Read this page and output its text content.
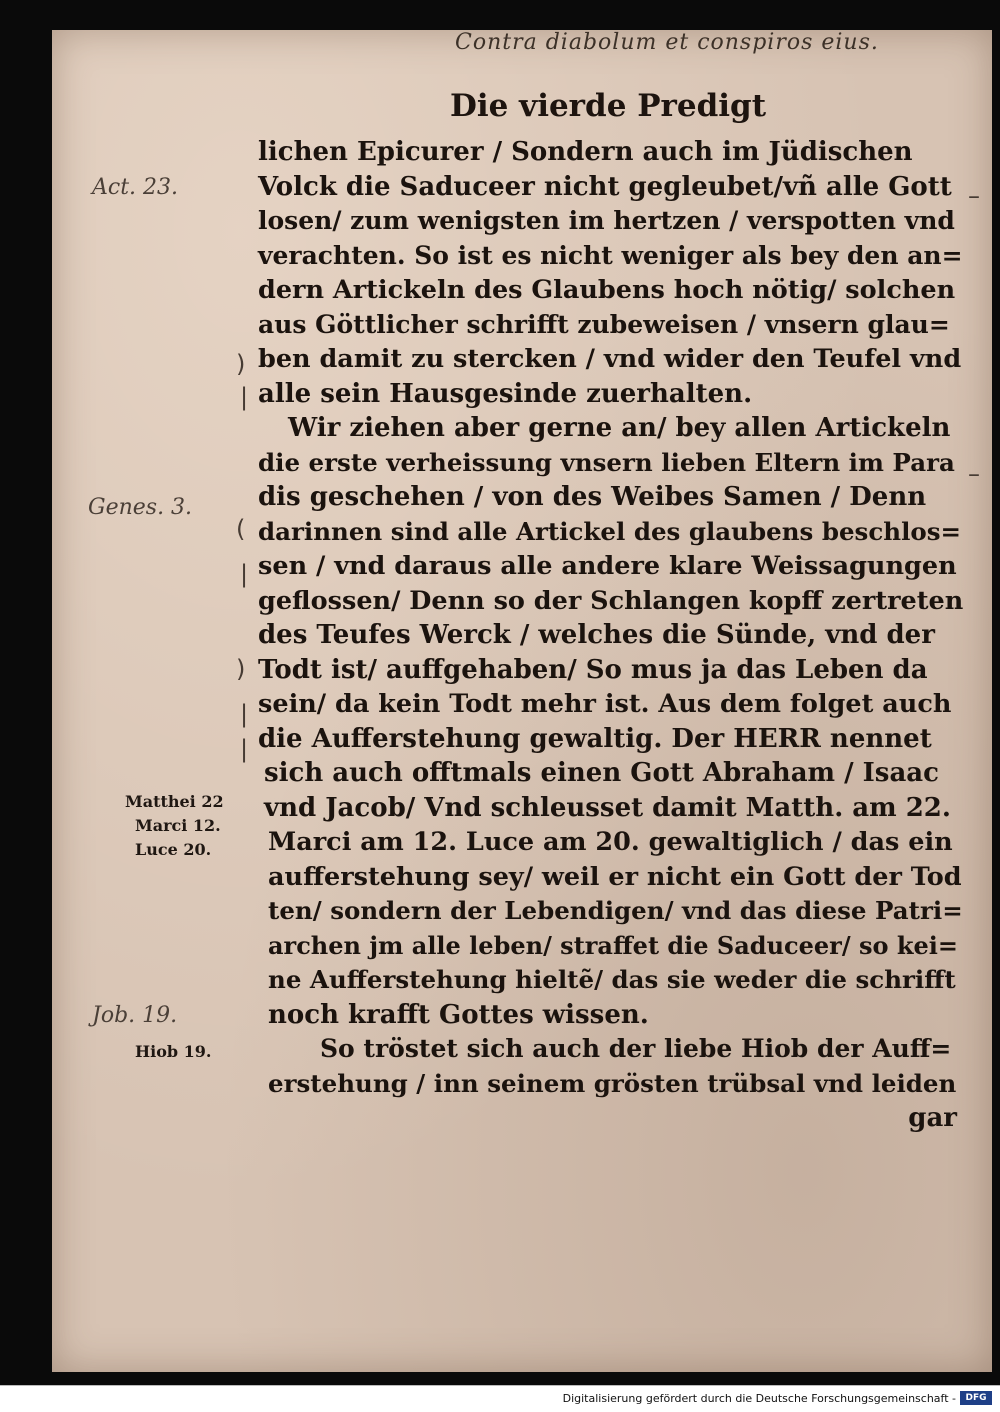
Contra diabolum et conspiros eius.
Die vierde Predigt
Act. 23.
Genes. 3.
Job. 19.
Matthei 22
Marci 12.
Luce 20.
Hiob 19.
)
|
(
|
)
|
|
–
–
lichen Epicurer / Sondern auch im Jüdischen
Volck die Saduceer nicht gegleubet/vñ alle Gott
losen/ zum wenigsten im hertzen / verspotten vnd
verachten. So ist es nicht weniger als bey den an=
dern Artickeln des Glaubens hoch nötig/ solchen
aus Göttlicher schrifft zubeweisen / vnsern glau=
ben damit zu stercken / vnd wider den Teufel vnd
alle sein Hausgesinde zuerhalten.
Wir ziehen aber gerne an/ bey allen Artickeln
die erste verheissung vnsern lieben Eltern im Para
dis geschehen / von des Weibes Samen / Denn
darinnen sind alle Artickel des glaubens beschlos=
sen / vnd daraus alle andere klare Weissagungen
geflossen/ Denn so der Schlangen kopff zertreten
des Teufes Werck / welches die Sünde, vnd der
Todt ist/ auffgehaben/ So mus ja das Leben da
sein/ da kein Todt mehr ist. Aus dem folget auch
die Aufferstehung gewaltig. Der HERR nennet
sich auch offtmals einen Gott Abraham / Isaac
vnd Jacob/ Vnd schleusset damit Matth. am 22.
Marci am 12. Luce am 20. gewaltiglich / das ein
aufferstehung sey/ weil er nicht ein Gott der Tod
ten/ sondern der Lebendigen/ vnd das diese Patri=
archen jm alle leben/ straffet die Saduceer/ so kei=
ne Aufferstehung hieltẽ/ das sie weder die schrifft
noch krafft Gottes wissen.
So tröstet sich auch der liebe Hiob der Auff=
erstehung / inn seinem grösten trübsal vnd leiden
gar
Digitalisierung gefördert durch die Deutsche Forschungsgemeinschaft -	DFG
